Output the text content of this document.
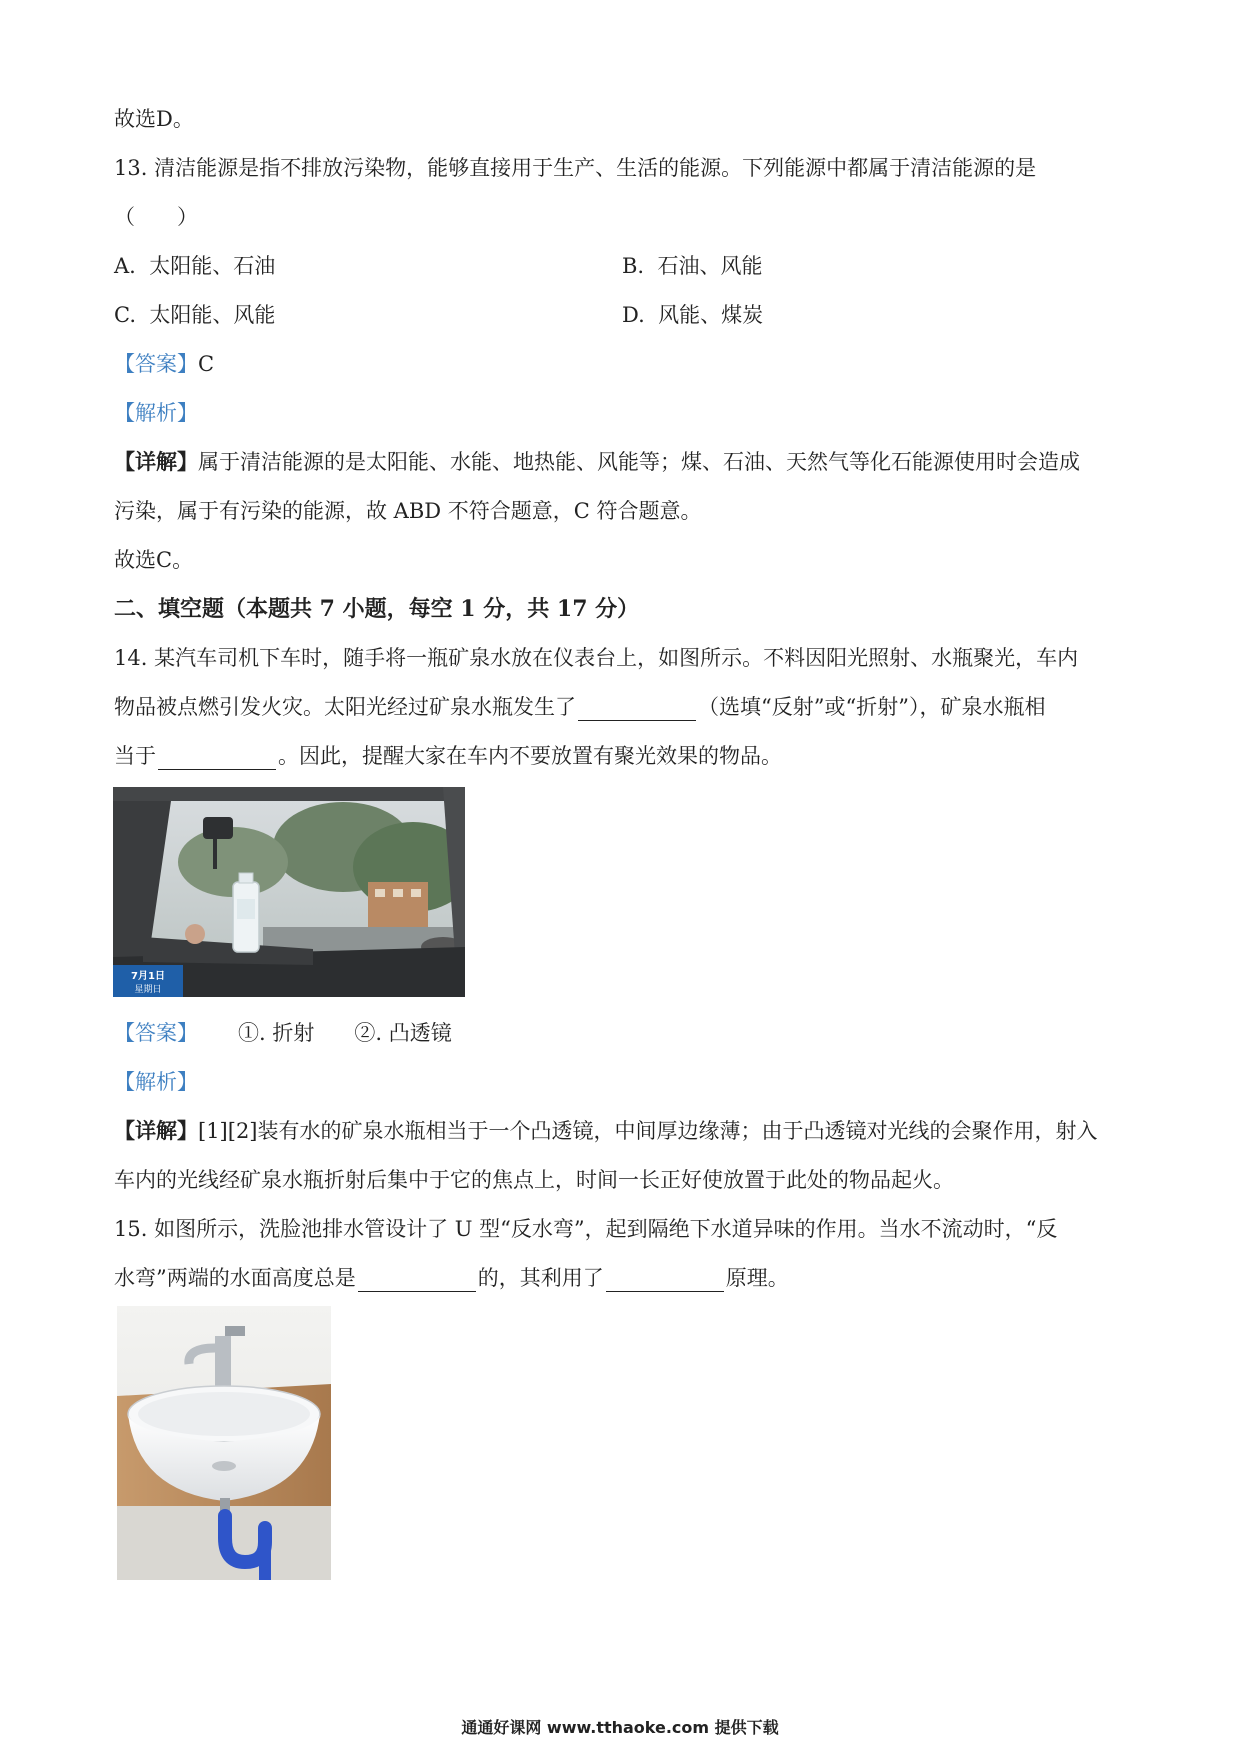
故选D。
13. 清洁能源是指不排放污染物，能够直接用于生产、生活的能源。下列能源中都属于清洁能源的是
（　　）
A. 太阳能、石油	B. 石油、风能
C. 太阳能、风能	D. 风能、煤炭
【答案】C
【解析】
【详解】属于清洁能源的是太阳能、水能、地热能、风能等；煤、石油、天然气等化石能源使用时会造成
污染，属于有污染的能源，故 ABD 不符合题意，C 符合题意。
故选C。
二、填空题（本题共 7 小题，每空 1 分，共 17 分）
14. 某汽车司机下车时，随手将一瓶矿泉水放在仪表台上，如图所示。不料因阳光照射、水瓶聚光，车内
物品被点燃引发火灾。太阳光经过矿泉水瓶发生了	（选填“反射”或“折射”），矿泉水瓶相
当于	。因此，提醒大家在车内不要放置有聚光效果的物品。
7月1日
星期日
【答案】 ①. 折射 ②. 凸透镜
【解析】
【详解】[1][2]装有水的矿泉水瓶相当于一个凸透镜，中间厚边缘薄；由于凸透镜对光线的会聚作用，射入
车内的光线经矿泉水瓶折射后集中于它的焦点上，时间一长正好使放置于此处的物品起火。
15. 如图所示，洗脸池排水管设计了 U 型“反水弯”，起到隔绝下水道异味的作用。当水不流动时，“反
水弯”两端的水面高度总是	的，其利用了	原理。
通通好课网 www.tthaoke.com 提供下载
